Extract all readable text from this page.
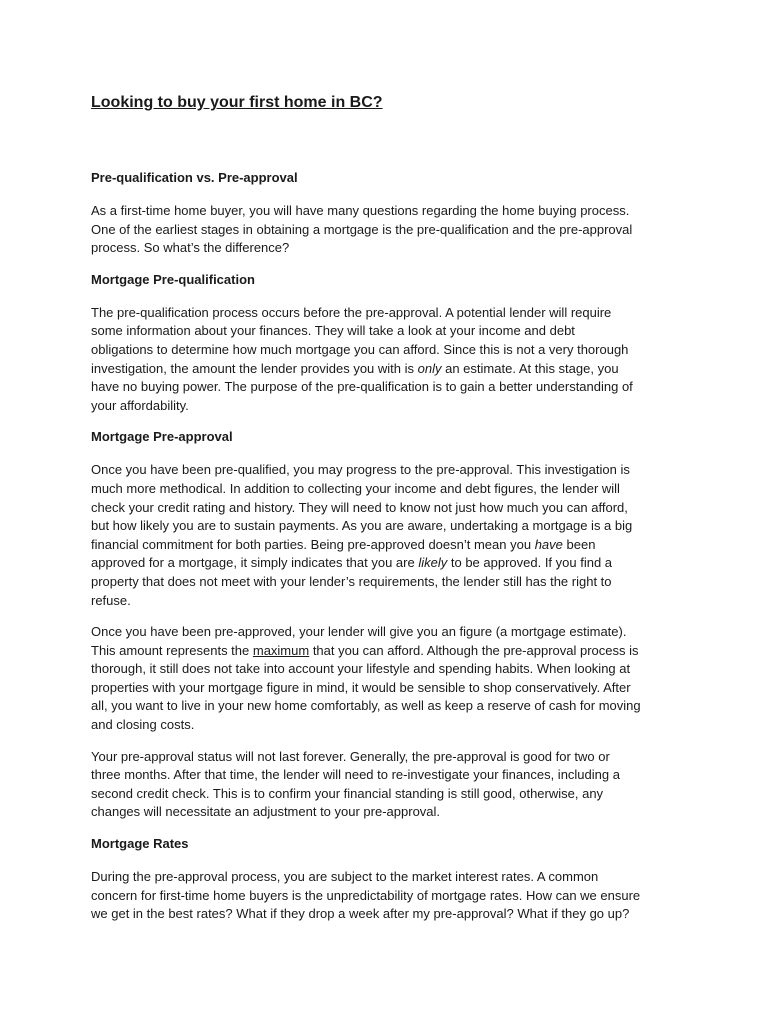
Looking to buy your first home in BC?
Pre-qualification vs. Pre-approval

As a first-time home buyer, you will have many questions regarding the home buying process.
One of the earliest stages in obtaining a mortgage is the pre-qualification and the pre-approval
process. So what’s the difference?

Mortgage Pre-qualification

The pre-qualification process occurs before the pre-approval. A potential lender will require
some information about your finances. They will take a look at your income and debt
obligations to determine how much mortgage you can afford. Since this is not a very thorough
investigation, the amount the lender provides you with is only an estimate. At this stage, you
have no buying power. The purpose of the pre-qualification is to gain a better understanding of
your affordability.

Mortgage Pre-approval

Once you have been pre-qualified, you may progress to the pre-approval. This investigation is
much more methodical. In addition to collecting your income and debt figures, the lender will
check your credit rating and history. They will need to know not just how much you can afford,
but how likely you are to sustain payments. As you are aware, undertaking a mortgage is a big
financial commitment for both parties. Being pre-approved doesn’t mean you have been
approved for a mortgage, it simply indicates that you are likely to be approved. If you find a
property that does not meet with your lender’s requirements, the lender still has the right to
refuse.

Once you have been pre-approved, your lender will give you an figure (a mortgage estimate).
This amount represents the maximum that you can afford. Although the pre-approval process is
thorough, it still does not take into account your lifestyle and spending habits. When looking at
properties with your mortgage figure in mind, it would be sensible to shop conservatively. After
all, you want to live in your new home comfortably, as well as keep a reserve of cash for moving
and closing costs.

Your pre-approval status will not last forever. Generally, the pre-approval is good for two or
three months. After that time, the lender will need to re-investigate your finances, including a
second credit check. This is to confirm your financial standing is still good, otherwise, any
changes will necessitate an adjustment to your pre-approval.

Mortgage Rates

During the pre-approval process, you are subject to the market interest rates. A common
concern for first-time home buyers is the unpredictability of mortgage rates. How can we ensure
we get in the best rates? What if they drop a week after my pre-approval? What if they go up?
